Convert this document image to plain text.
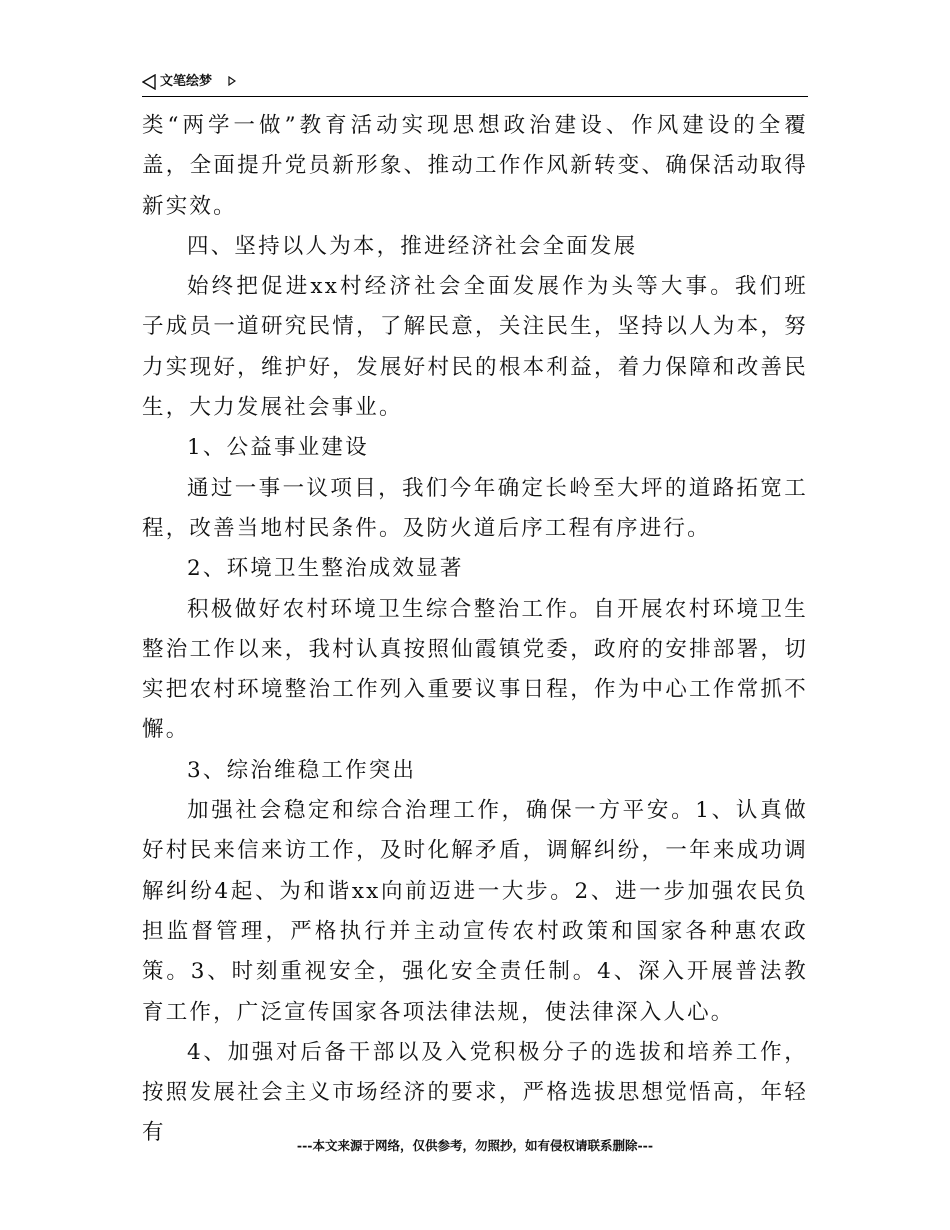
文笔绘梦

类“两学一做”教育活动实现思想政治建设、作风建设的全覆盖，全面提升党员新形象、推动工作作风新转变、确保活动取得新实效。

四、坚持以人为本，推进经济社会全面发展

始终把促进xx村经济社会全面发展作为头等大事。我们班子成员一道研究民情，了解民意，关注民生，坚持以人为本，努力实现好，维护好，发展好村民的根本利益，着力保障和改善民生，大力发展社会事业。

1、公益事业建设

通过一事一议项目，我们今年确定长岭至大坪的道路拓宽工程，改善当地村民条件。及防火道后序工程有序进行。

2、环境卫生整治成效显著

积极做好农村环境卫生综合整治工作。自开展农村环境卫生整治工作以来，我村认真按照仙霞镇党委，政府的安排部署，切实把农村环境整治工作列入重要议事日程，作为中心工作常抓不懈。

3、综治维稳工作突出

加强社会稳定和综合治理工作，确保一方平安。1、认真做好村民来信来访工作，及时化解矛盾，调解纠纷，一年来成功调解纠纷4起、为和谐xx向前迈进一大步。2、进一步加强农民负担监督管理，严格执行并主动宣传农村政策和国家各种惠农政策。3、时刻重视安全，强化安全责任制。4、深入开展普法教育工作，广泛宣传国家各项法律法规，使法律深入人心。

4、加强对后备干部以及入党积极分子的选拔和培养工作，按照发展社会主义市场经济的要求，严格选拔思想觉悟高，年轻有

---本文来源于网络，仅供参考，勿照抄，如有侵权请联系删除---
